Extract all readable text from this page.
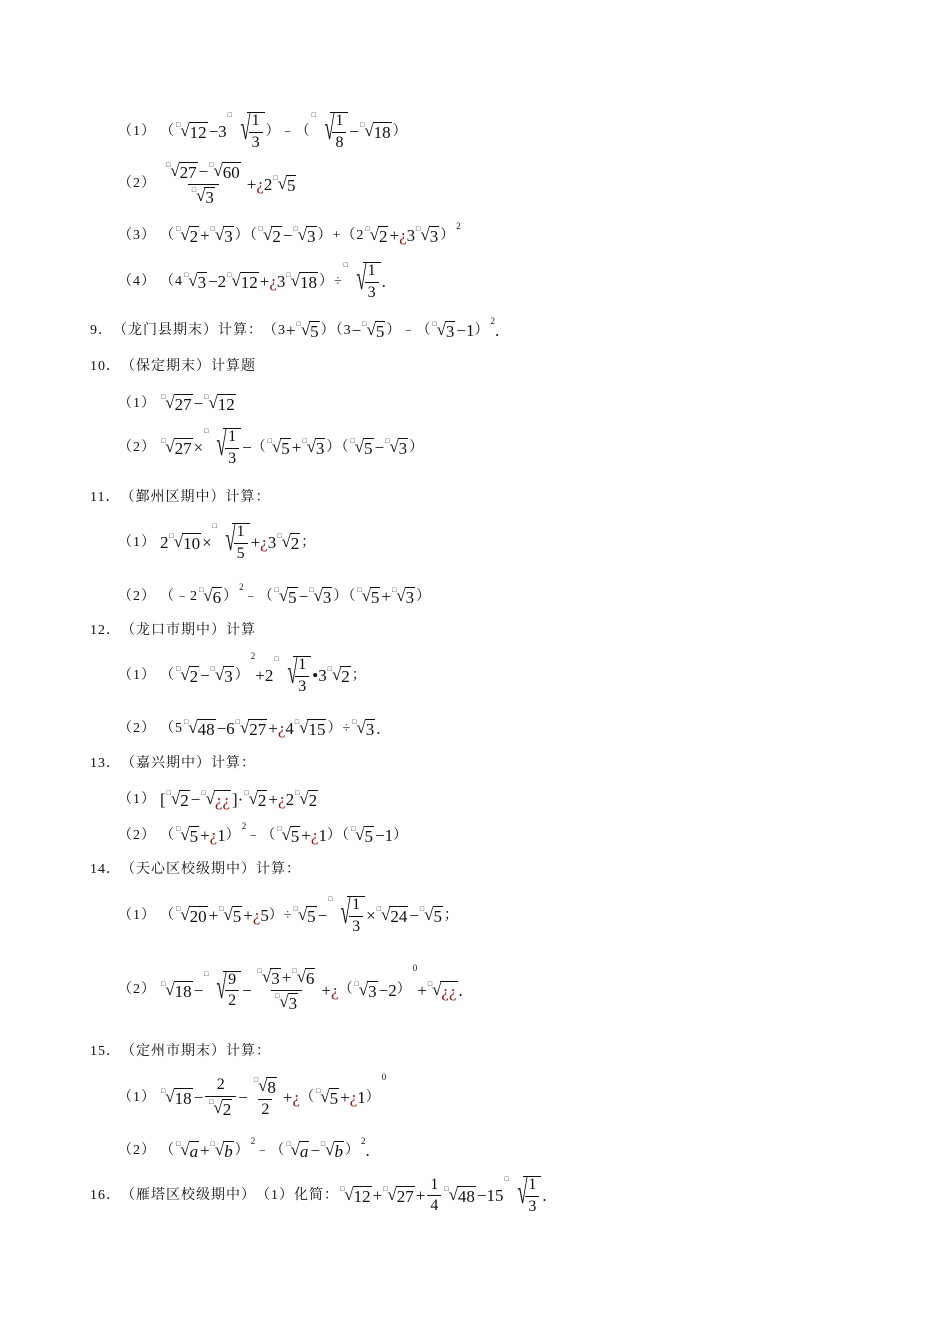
（1） （ □ √ 12 −3
□ √
$\frac{1}{3}$ ）﹣（
□ √
$\frac{1}{8}$ − □ √ 18 ）
$(2) \frac{□ √ 27 - □ √ 60}{□ √ 3}$ + ¿ 2 □ √ 5
（3） （ □ √ 2 + □ √ 3 ）（ □ √ 2 − □ √ 3 ）+（2 □ √ 2 + ¿ 3 □ √ 3 ）
2
（4） （4 □ √ 3 −2 □ √ 12 + ¿ 3 □ √ 18 ）÷
□ √
$\frac{1}{3}$ .
9． （龙门县期末） 计算： （3 + □ √ 5 ）（3 − □ √ 5 ）﹣（ □ √ 3 −1 ）
2 .
10． （保定期末） 计算题
（1） □ √ 27 − □ √ 12
（2） □ √ 27 ×
□ √
$\frac{1}{3}$ − （ □ √ 5 + □ √ 3 ）（ □ √ 5 − □ √ 3 ）
11． （鄞州区期中） 计算：
（1） 2 □ √ 10 ×
□ √
$\frac{1}{5}$ + ¿ 3 □ √ 2 ；
（2） （﹣2 □ √ 6 ）
2
﹣（ □ √ 5 − □ √ 3 ）（ □ √ 5 + □ √ 3 ）
12． （龙口市期中） 计算
（1） （ □ √ 2 − □ √ 3 ）
2
+2
□ √
$\frac{1}{3}$ •3 □ √ 2 ；
（2） （5 □ √ 48 −6 □ √ 27 + ¿ 4 □ √ 15 ）÷ □ √ 3 .
13． （嘉兴期中） 计算：
（1） [ □ √ 2 − □ √ ¿¿ ]· □ √ 2 + ¿ 2 □ √ 2
（2） （ □ √ 5 + ¿ 1 ）
2
﹣（ □ √ 5 + ¿ 1 ）（ □ √ 5 −1 ）
14． （天心区校级期中） 计算：
（1） （ □ √ 20 + □ √ 5 + ¿ 5 ）÷ □ √ 5 −
□ √
$\frac{1}{3}$ × □ √ 24 − □ √ 5 ；
（2） □ √ 18 −
□ √
$\frac{9}{2} - \frac{□ √ 3 + □ √ 6}{□ √ 3}$ + ¿ （ □ √ 3 −2 ）
0
+ □ √ ¿¿ .
15． （定州市期末） 计算：
（1） □ √ $18 - \frac{2}{□ √ 2} - \frac{□ √ 8}{2}$ + ¿ （ □ √ 5 + ¿ 1 ）
0
（2） （ □ √ a + □ √ b ）
2
﹣（ □ √ a − □ √ b ）
2 .
16． （雁塔区校级期中） （1）化简： □ √ 12 + □ √ $27 + \frac{1}{4}$ □ √ 48 −15
□ √
$\frac{1}{3}$ .
